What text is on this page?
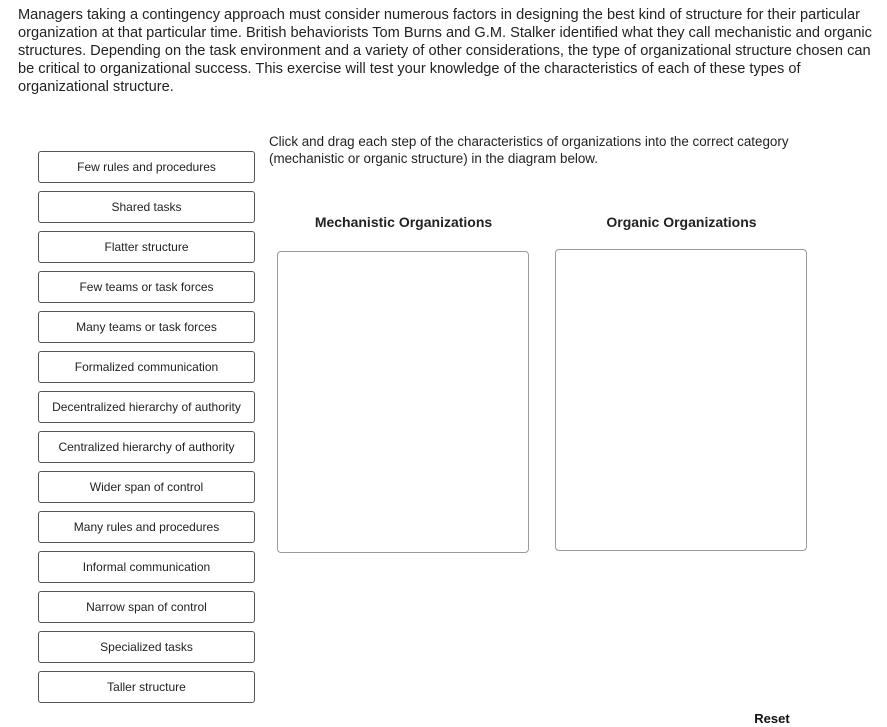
Managers taking a contingency approach must consider numerous factors in designing the best kind of structure for their particular organization at that particular time. British behaviorists Tom Burns and G.M. Stalker identified what they call mechanistic and organic structures. Depending on the task environment and a variety of other considerations, the type of organizational structure chosen can be critical to organizational success. This exercise will test your knowledge of the characteristics of each of these types of organizational structure.

Click and drag each step of the characteristics of organizations into the correct category (mechanistic or organic structure) in the diagram below.

Few rules and procedures
Shared tasks
Flatter structure
Few teams or task forces
Many teams or task forces
Formalized communication
Decentralized hierarchy of authority
Centralized hierarchy of authority
Wider span of control
Many rules and procedures
Informal communication
Narrow span of control
Specialized tasks
Taller structure
Mechanistic Organizations	Organic Organizations
Reset
